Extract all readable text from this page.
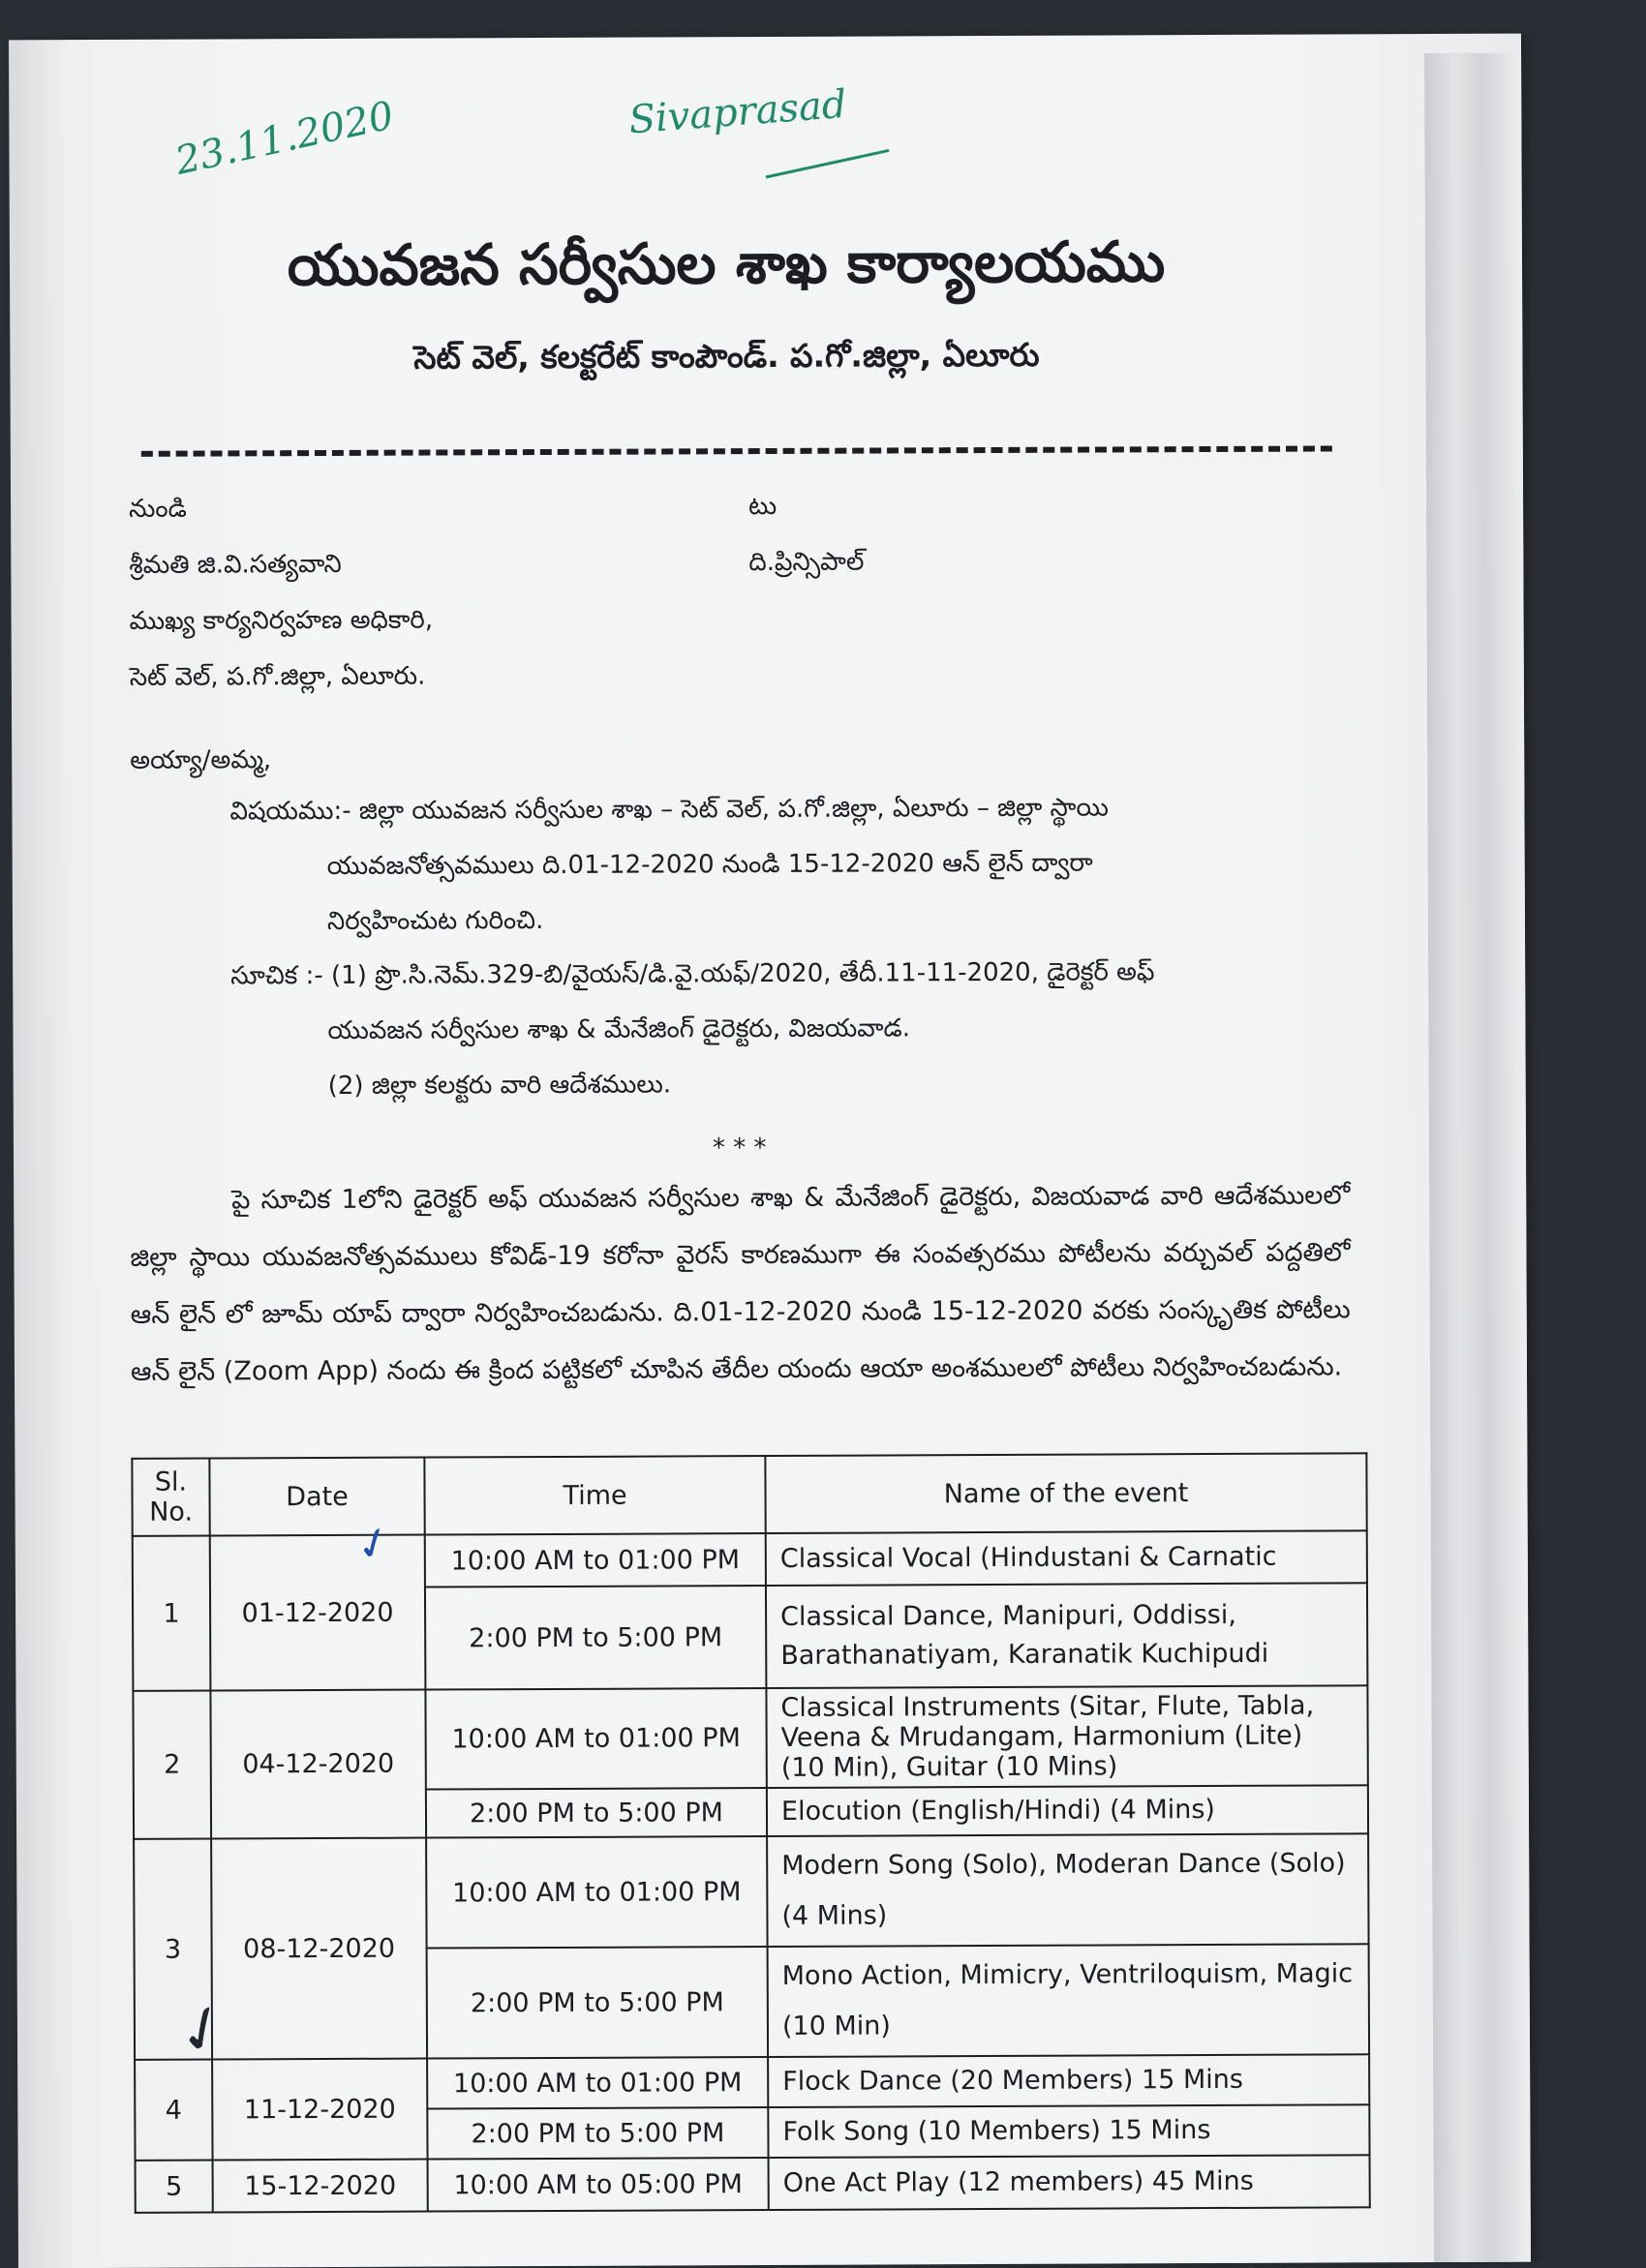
23.11.2020	Sivaprasad
యువజన సర్వీసుల శాఖ కార్యాలయము
సెట్ వెల్, కలక్టరేట్ కాంపౌండ్. ప.గో.జిల్లా, ఏలూరు
నుండి
శ్రీమతి జి.వి.సత్యవాని
ముఖ్య కార్యనిర్వహణ అధికారి,
సెట్ వెల్, ప.గో.జిల్లా, ఏలూరు.
టు
ది.ప్రిన్సిపాల్
అయ్యా/అమ్మ,
విషయము:- జిల్లా యువజన సర్వీసుల శాఖ – సెట్ వెల్, ప.గో.జిల్లా, ఏలూరు – జిల్లా స్థాయి
యువజనోత్సవములు ది.01-12-2020 నుండి 15-12-2020 ఆన్ లైన్ ద్వారా
నిర్వహించుట గురించి.
సూచిక :- (1) ప్రొ.సి.నెమ్.329-బి/వైయస్/డి.వై.యఫ్/2020, తేదీ.11-11-2020, డైరెక్టర్ అఫ్
యువజన సర్వీసుల శాఖ & మేనేజింగ్ డైరెక్టరు, విజయవాడ.
(2) జిల్లా కలక్టరు వారి ఆదేశములు.
* * *

పై సూచిక 1లోని డైరెక్టర్ అఫ్ యువజన సర్వీసుల శాఖ & మేనేజింగ్ డైరెక్టరు, విజయవాడ వారి ఆదేశములలో జిల్లా స్థాయి యువజనోత్సవములు కోవిడ్-19 కరోనా వైరస్ కారణముగా ఈ సంవత్సరము పోటీలను వర్చువల్ పద్దతిలో ఆన్ లైన్ లో జూమ్ యాప్ ద్వారా నిర్వహించబడును. ది.01-12-2020 నుండి 15-12-2020 వరకు సంస్కృతిక పోటీలు ఆన్ లైన్ (Zoom App) నందు ఈ క్రింద పట్టికలో చూపిన తేదీల యందు ఆయా అంశములలో పోటీలు నిర్వహించబడును.

Sl. No.	Date	Time	Name of the event
1	01-12-2020	10:00 AM to 01:00 PM	Classical Vocal (Hindustani & Carnatic
		2:00 PM to 5:00 PM	Classical Dance, Manipuri, Oddissi, Barathanatiyam, Karanatik Kuchipudi
2	04-12-2020	10:00 AM to 01:00 PM	Classical Instruments (Sitar, Flute, Tabla, Veena & Mrudangam, Harmonium (Lite) (10 Min), Guitar (10 Mins)
		2:00 PM to 5:00 PM	Elocution (English/Hindi) (4 Mins)
3	08-12-2020	10:00 AM to 01:00 PM	Modern Song (Solo), Moderan Dance (Solo) (4 Mins)
		2:00 PM to 5:00 PM	Mono Action, Mimicry, Ventriloquism, Magic (10 Min)
4	11-12-2020	10:00 AM to 01:00 PM	Flock Dance (20 Members) 15 Mins
		2:00 PM to 5:00 PM	Folk Song (10 Members) 15 Mins
5	15-12-2020	10:00 AM to 05:00 PM	One Act Play (12 members) 45 Mins
✓
✓
